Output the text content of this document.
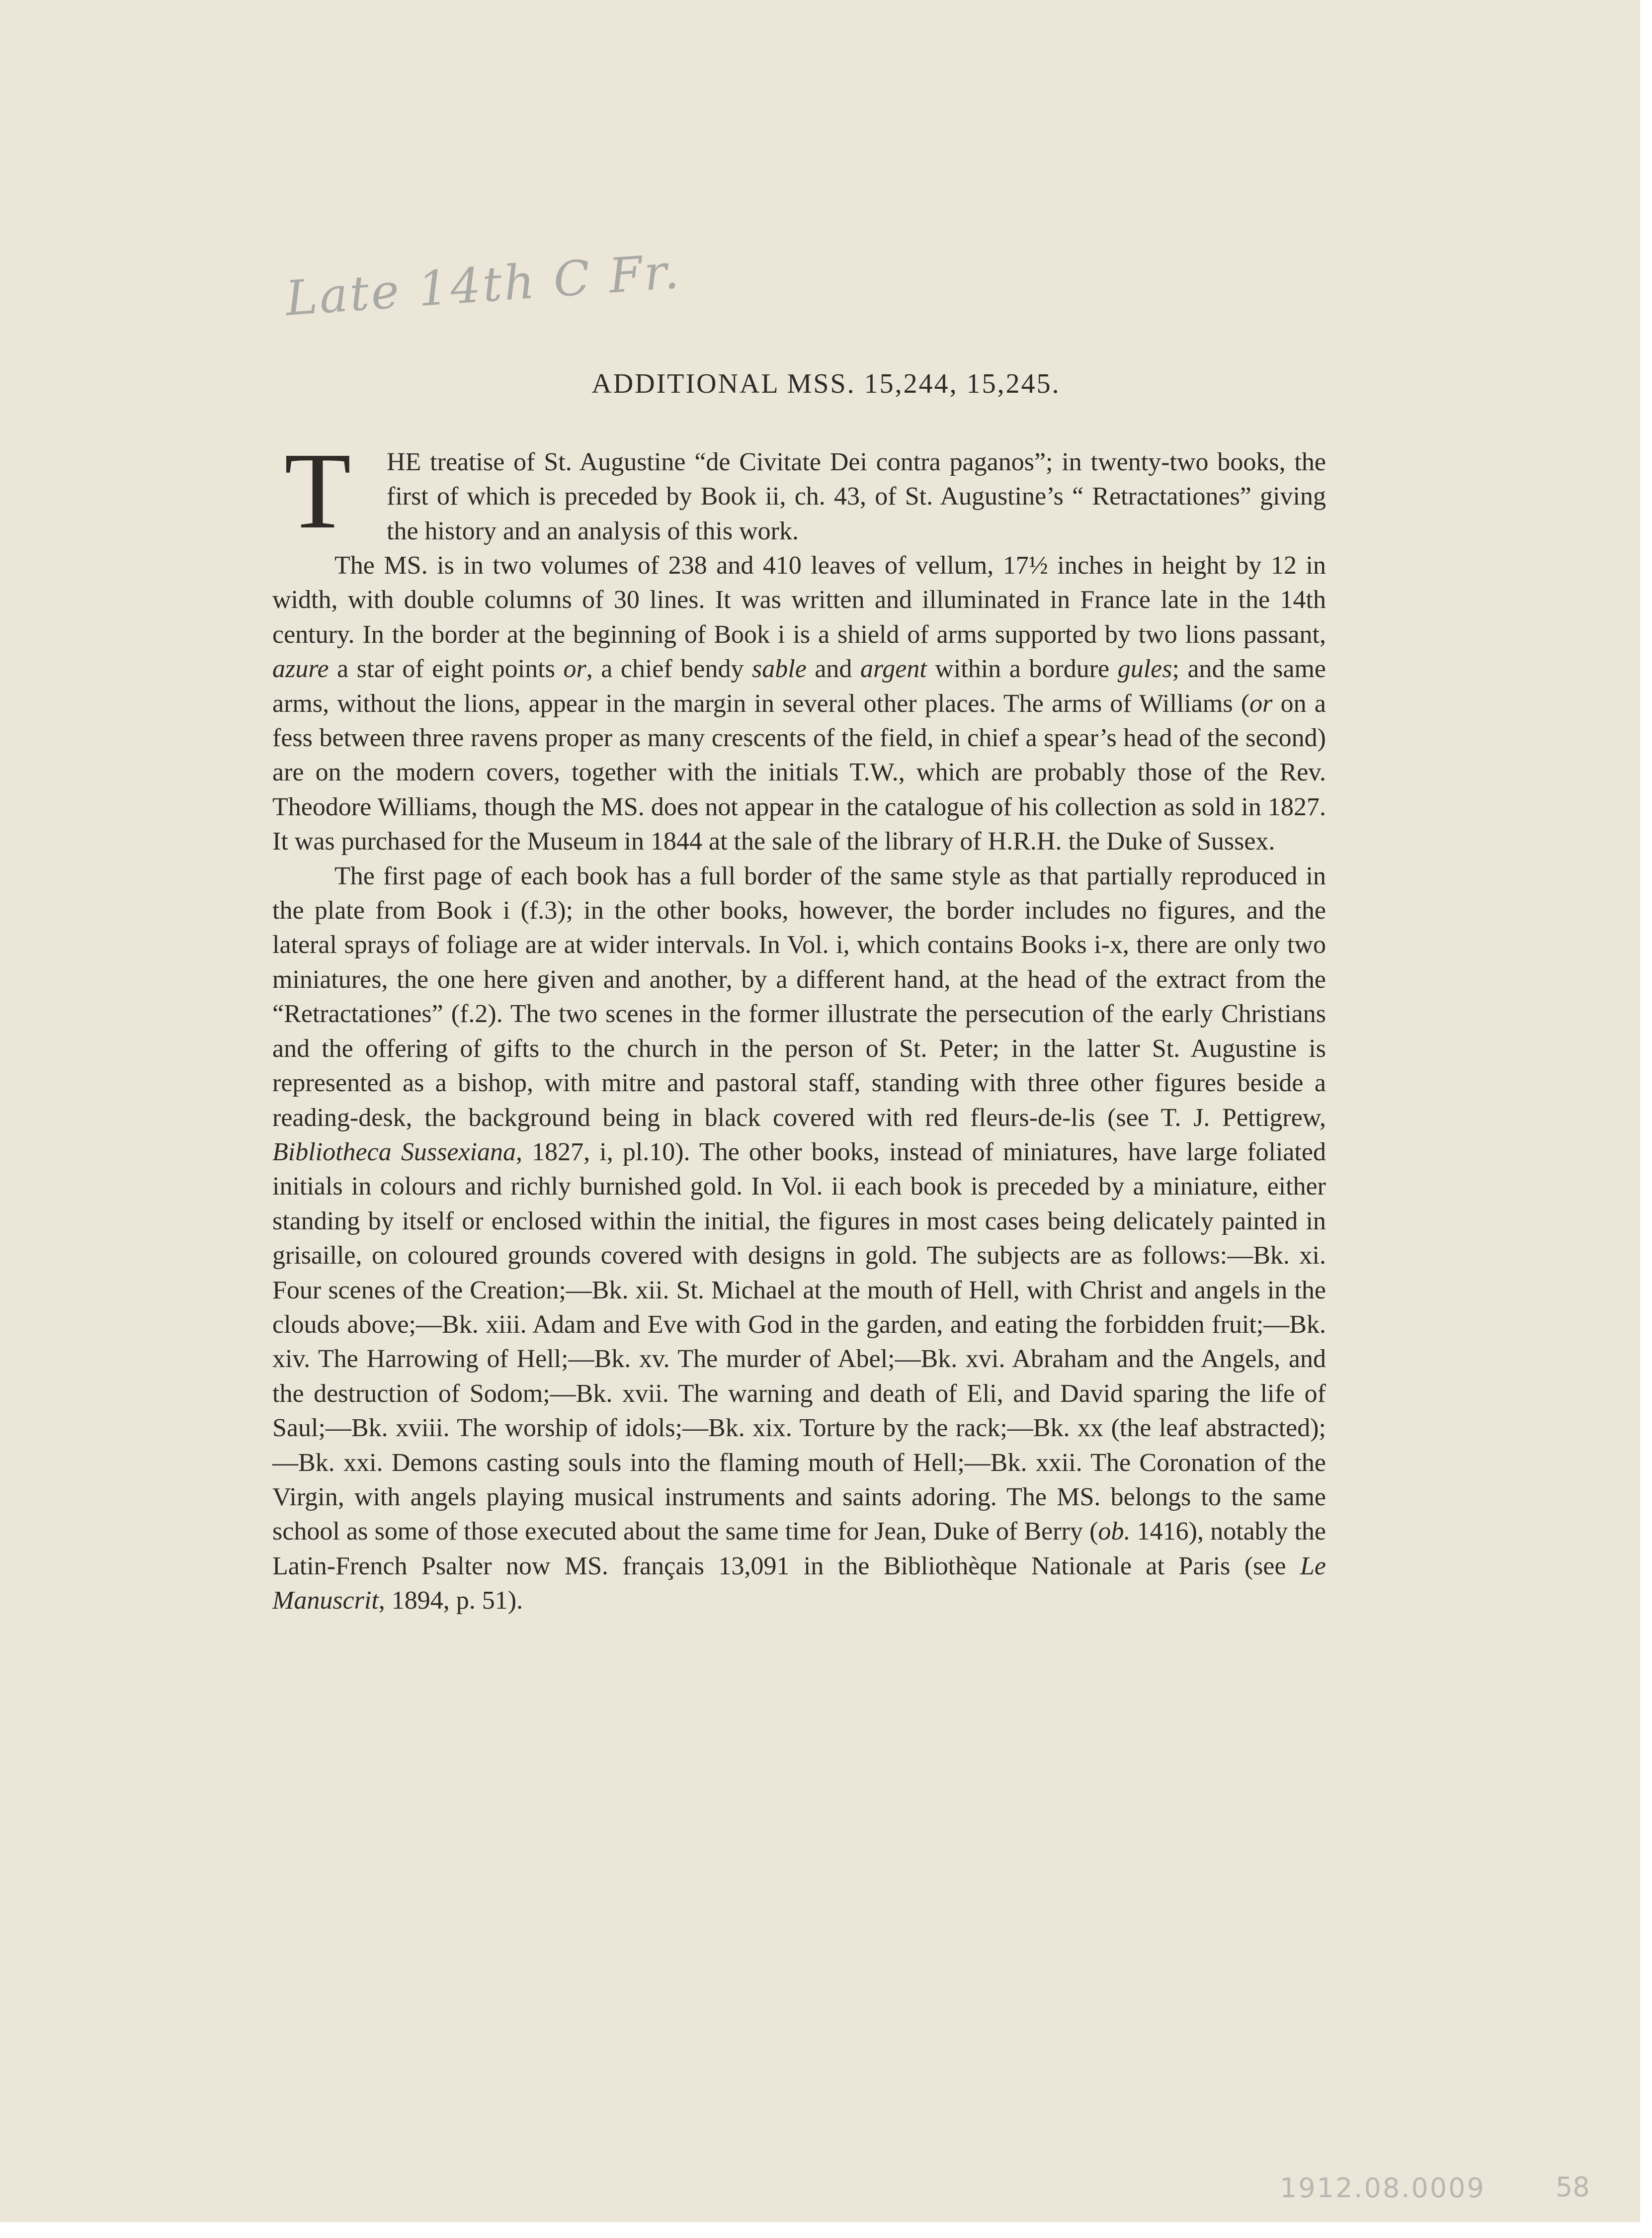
Late 14th C Fr.
ADDITIONAL MSS. 15,244, 15,245.

T HE treatise of St. Augustine “de Civitate Dei contra paganos”; in twenty-two books, the first of which is preceded by Book ii, ch. 43, of St. Augustine’s “ Retractationes” giving the history and an analysis of this work.

The MS. is in two volumes of 238 and 410 leaves of vellum, 17½ inches in height by 12 in width, with double columns of 30 lines. It was written and illuminated in France late in the 14th century. In the border at the beginning of Book i is a shield of arms supported by two lions passant, azure a star of eight points or, a chief bendy sable and argent within a bordure gules; and the same arms, without the lions, appear in the margin in several other places. The arms of Williams (or on a fess between three ravens proper as many crescents of the field, in chief a spear’s head of the second) are on the modern covers, together with the initials T.W., which are probably those of the Rev. Theodore Williams, though the MS. does not appear in the catalogue of his collection as sold in 1827. It was purchased for the Museum in 1844 at the sale of the library of H.R.H. the Duke of Sussex.

The first page of each book has a full border of the same style as that partially reproduced in the plate from Book i (f.3); in the other books, however, the border includes no figures, and the lateral sprays of foliage are at wider intervals. In Vol. i, which contains Books i-x, there are only two miniatures, the one here given and another, by a different hand, at the head of the extract from the “Retractationes” (f.2). The two scenes in the former illustrate the persecution of the early Christians and the offering of gifts to the church in the person of St. Peter; in the latter St. Augustine is represented as a bishop, with mitre and pastoral staff, standing with three other figures beside a reading-desk, the background being in black covered with red fleurs-de-lis (see T. J. Pettigrew, Bibliotheca Sussexiana, 1827, i, pl.10). The other books, instead of miniatures, have large foliated initials in colours and richly burnished gold. In Vol. ii each book is preceded by a miniature, either standing by itself or enclosed within the initial, the figures in most cases being delicately painted in grisaille, on coloured grounds covered with designs in gold. The subjects are as follows:—Bk. xi. Four scenes of the Creation;—Bk. xii. St. Michael at the mouth of Hell, with Christ and angels in the clouds above;—Bk. xiii. Adam and Eve with God in the garden, and eating the forbidden fruit;—Bk. xiv. The Harrowing of Hell;—Bk. xv. The murder of Abel;—Bk. xvi. Abraham and the Angels, and the destruction of Sodom;—Bk. xvii. The warning and death of Eli, and David sparing the life of Saul;—Bk. xviii. The worship of idols;—Bk. xix. Torture by the rack;—Bk. xx (the leaf abstracted);—Bk. xxi. Demons casting souls into the flaming mouth of Hell;—Bk. xxii. The Coronation of the Virgin, with angels playing musical instruments and saints adoring. The MS. belongs to the same school as some of those executed about the same time for Jean, Duke of Berry (ob. 1416), notably the Latin-French Psalter now MS. français 13,091 in the Bibliothèque Nationale at Paris (see Le Manuscrit, 1894, p. 51).

1912.08.0009	58
